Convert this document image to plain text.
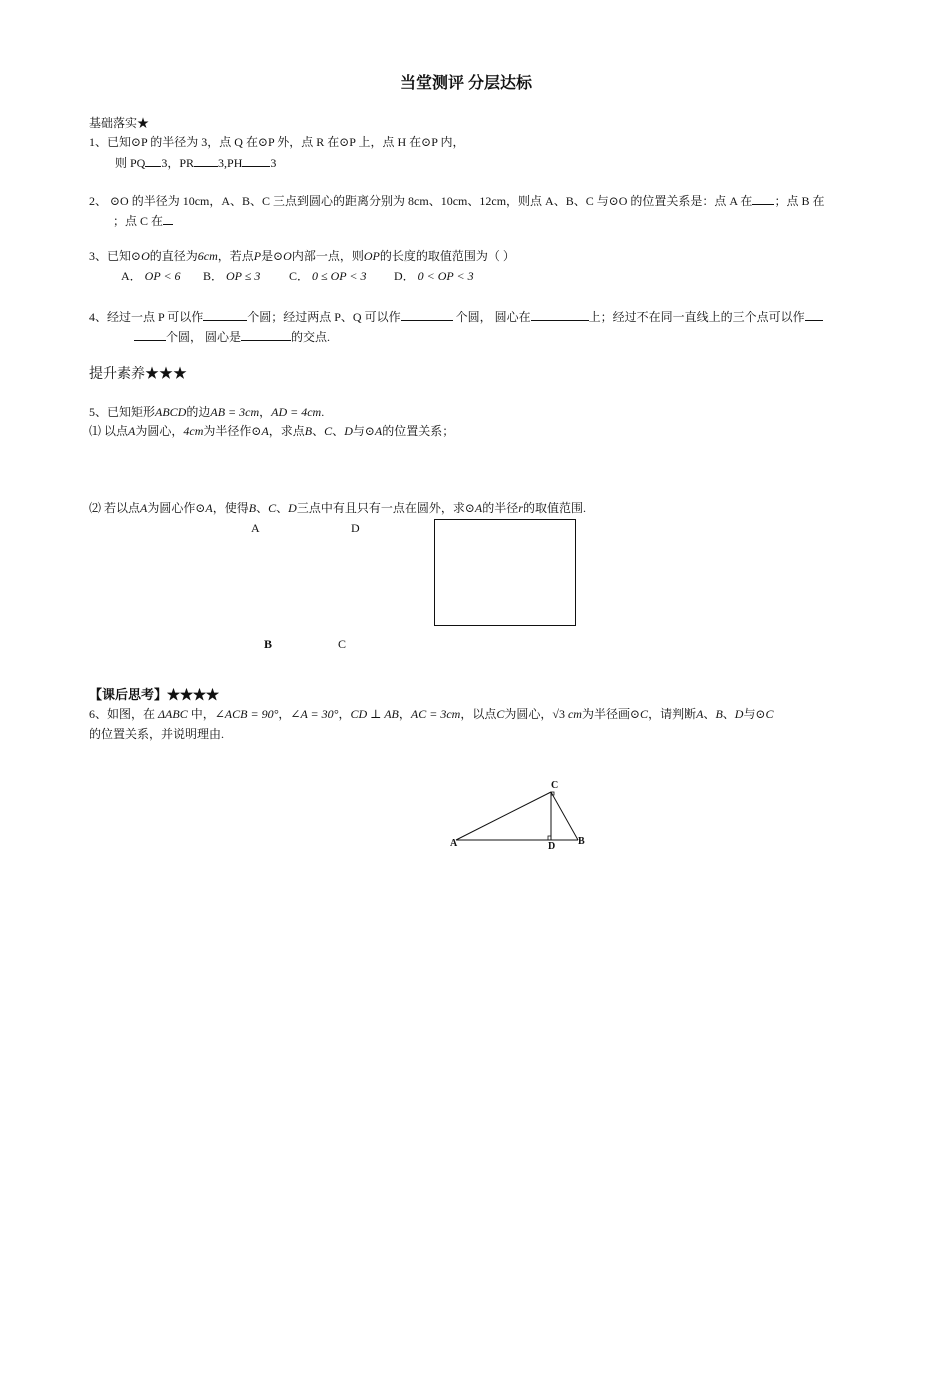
当堂测评 分层达标
基础落实★
1、已知⊙P 的半径为 3，点 Q 在⊙P 外，点 R 在⊙P 上，点 H 在⊙P 内，
则 PQ 3，PR 3,PH 3
2、 ⊙O 的半径为 10cm，A、B、C 三点到圆心的距离分别为 8cm、10cm、12cm，则点 A、B、C 与⊙O 的位置关系是：点 A 在 ；点 B 在
；点 C 在
3、已知⊙O的直径为6cm，若点P是⊙O内部一点，则OP的长度的取值范围为（ ）
A． OP < 6 B． OP ≤ 3 C． 0 ≤ OP < 3 D． 0 < OP < 3
4、经过一点 P 可以作	个圆；经过两点 P、Q 可以作	个圆， 圆心在	上；经过不在同一直线上的三个点可以作
个圆， 圆心是	的交点.
提升素养★★★
5、已知矩形ABCD的边AB = 3cm，AD = 4cm.
⑴ 以点A为圆心，4cm为半径作⊙A，求点B、C、D与⊙A的位置关系；
⑵ 若以点A为圆心作⊙A，使得B、C、D三点中有且只有一点在圆外，求⊙A的半径r的取值范围.
A	D
B	C
【课后思考】★★★★
6、如图，在 ΔABC 中，∠ACB = 90°，∠A = 30°，CD ⊥ AB，AC = 3cm，以点C为圆心，√3 cm为半径画⊙C，请判断A、B、D与⊙C
的位置关系，并说明理由.
A	B
C
D
